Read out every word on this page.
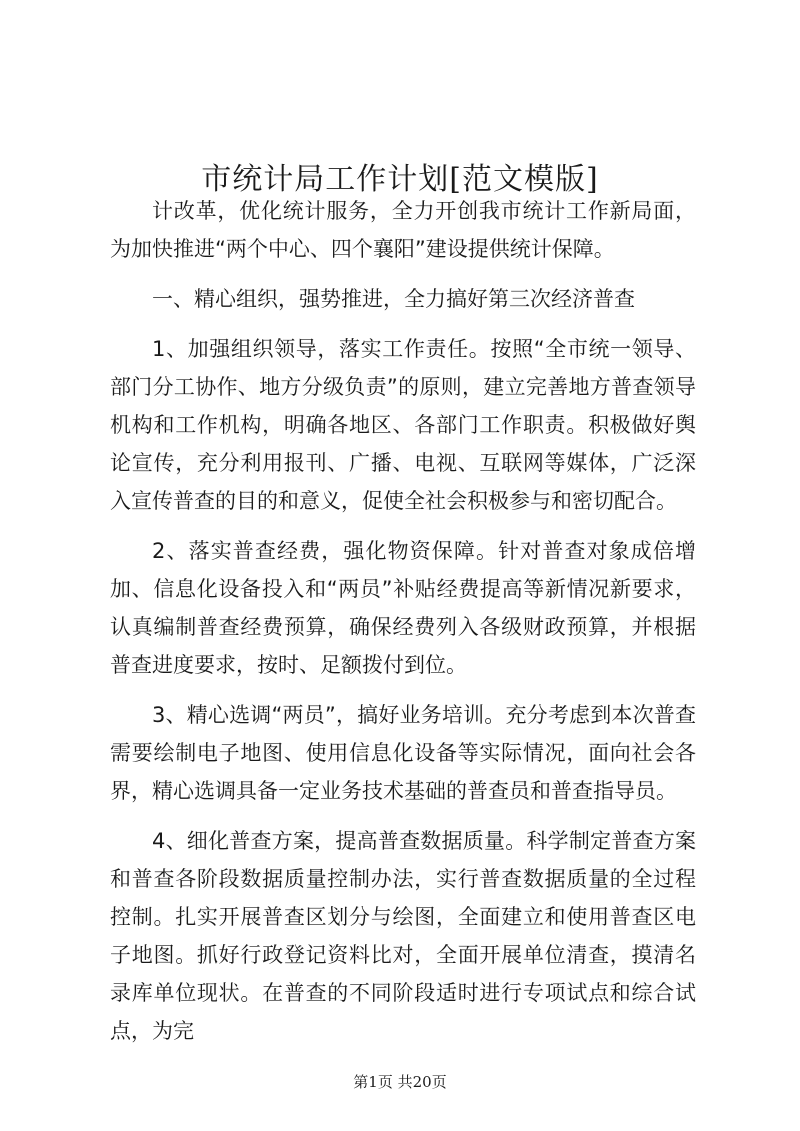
市统计局工作计划[范文模版]

计改革，优化统计服务，全力开创我市统计工作新局面，为加快推进“两个中心、四个襄阳”建设提供统计保障。

一、精心组织，强势推进，全力搞好第三次经济普查

1、加强组织领导，落实工作责任。按照“全市统一领导、部门分工协作、地方分级负责”的原则，建立完善地方普查领导机构和工作机构，明确各地区、各部门工作职责。积极做好舆论宣传，充分利用报刊、广播、电视、互联网等媒体，广泛深入宣传普查的目的和意义，促使全社会积极参与和密切配合。

2、落实普查经费，强化物资保障。针对普查对象成倍增加、信息化设备投入和“两员”补贴经费提高等新情况新要求，认真编制普查经费预算，确保经费列入各级财政预算，并根据普查进度要求，按时、足额拨付到位。

3、精心选调“两员”，搞好业务培训。充分考虑到本次普查需要绘制电子地图、使用信息化设备等实际情况，面向社会各界，精心选调具备一定业务技术基础的普查员和普查指导员。

4、细化普查方案，提高普查数据质量。科学制定普查方案和普查各阶段数据质量控制办法，实行普查数据质量的全过程控制。扎实开展普查区划分与绘图，全面建立和使用普查区电子地图。抓好行政登记资料比对，全面开展单位清查，摸清名录库单位现状。在普查的不同阶段适时进行专项试点和综合试点，为完

第1页 共20页
